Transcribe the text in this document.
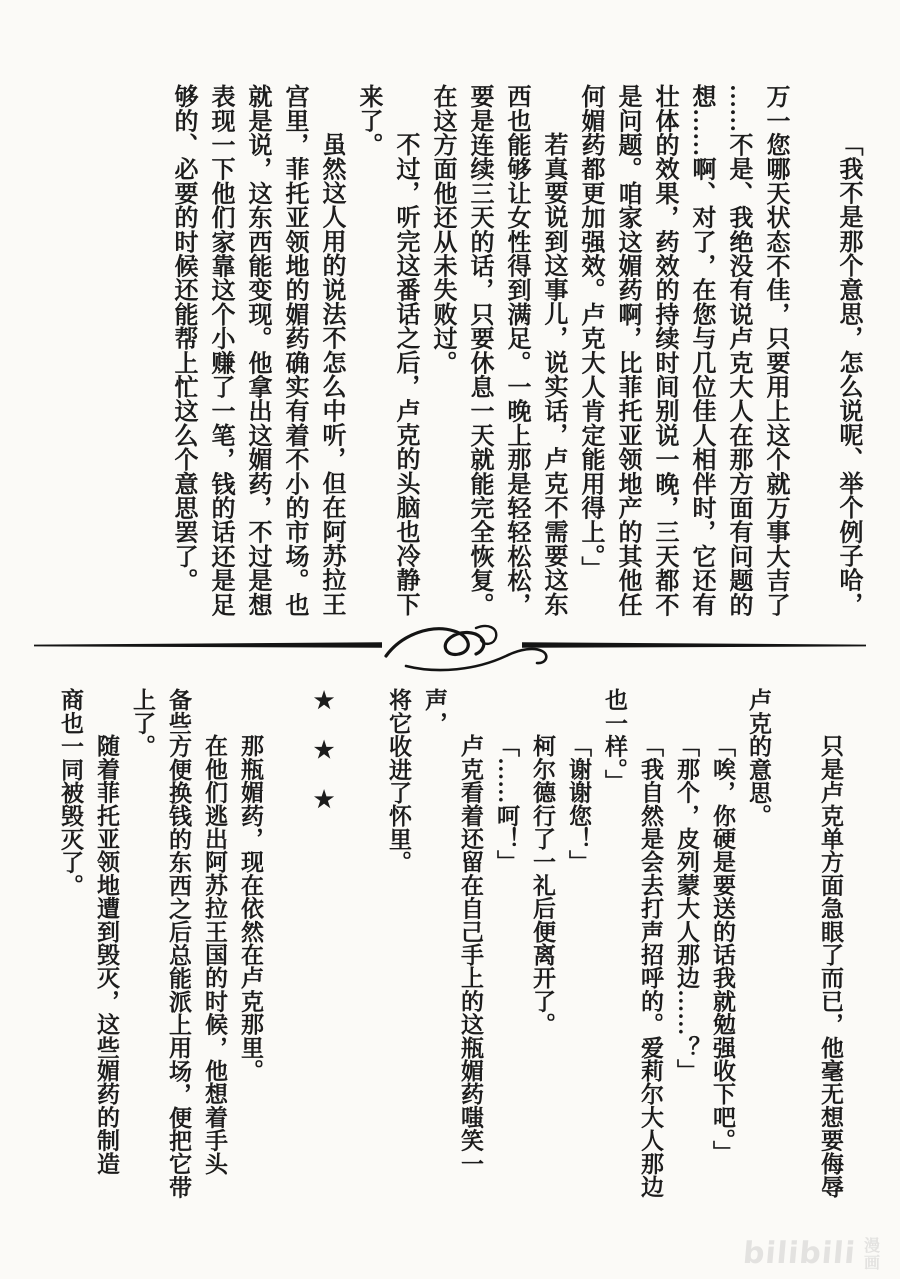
「我不是那个意思，怎么说呢、举个例子哈，
万一您哪天状态不佳，只要用上这个就万事大吉了
……不是、我绝没有说卢克大人在那方面有问题的
想……啊、对了，在您与几位佳人相伴时，它还有
壮体的效果，药效的持续时间别说一晚，三天都不
是问题。咱家这媚药啊，比菲托亚领地产的其他任
何媚药都更加强效。卢克大人肯定能用得上。」
若真要说到这事儿，说实话，卢克不需要这东
西也能够让女性得到满足。一晚上那是轻轻松松，
要是连续三天的话，只要休息一天就能完全恢复。
在这方面他还从未失败过。
不过，听完这番话之后，卢克的头脑也冷静下
来了。
虽然这人用的说法不怎么中听，但在阿苏拉王
宫里，菲托亚领地的媚药确实有着不小的市场。也
就是说，这东西能变现。他拿出这媚药，不过是想
表现一下他们家靠这个小赚了一笔，钱的话还是足
够的、必要的时候还能帮上忙这么个意思罢了。
只是卢克单方面急眼了而已，他毫无想要侮辱
卢克的意思。
「唉，你硬是要送的话我就勉强收下吧。」
「那个，皮列蒙大人那边……？」
「我自然是会去打声招呼的。爱莉尔大人那边
也一样。」
「谢谢您！」
柯尔德行了一礼后便离开了。
「……呵！」
卢克看着还留在自己手上的这瓶媚药嗤笑一声，
将它收进了怀里。
★　★　★
那瓶媚药，现在依然在卢克那里。
在他们逃出阿苏拉王国的时候，他想着手头
备些方便换钱的东西之后总能派上用场，便把它带
上了。
随着菲托亚领地遭到毁灭，这些媚药的制造
商也一同被毁灭了。
bilibili 漫
画
